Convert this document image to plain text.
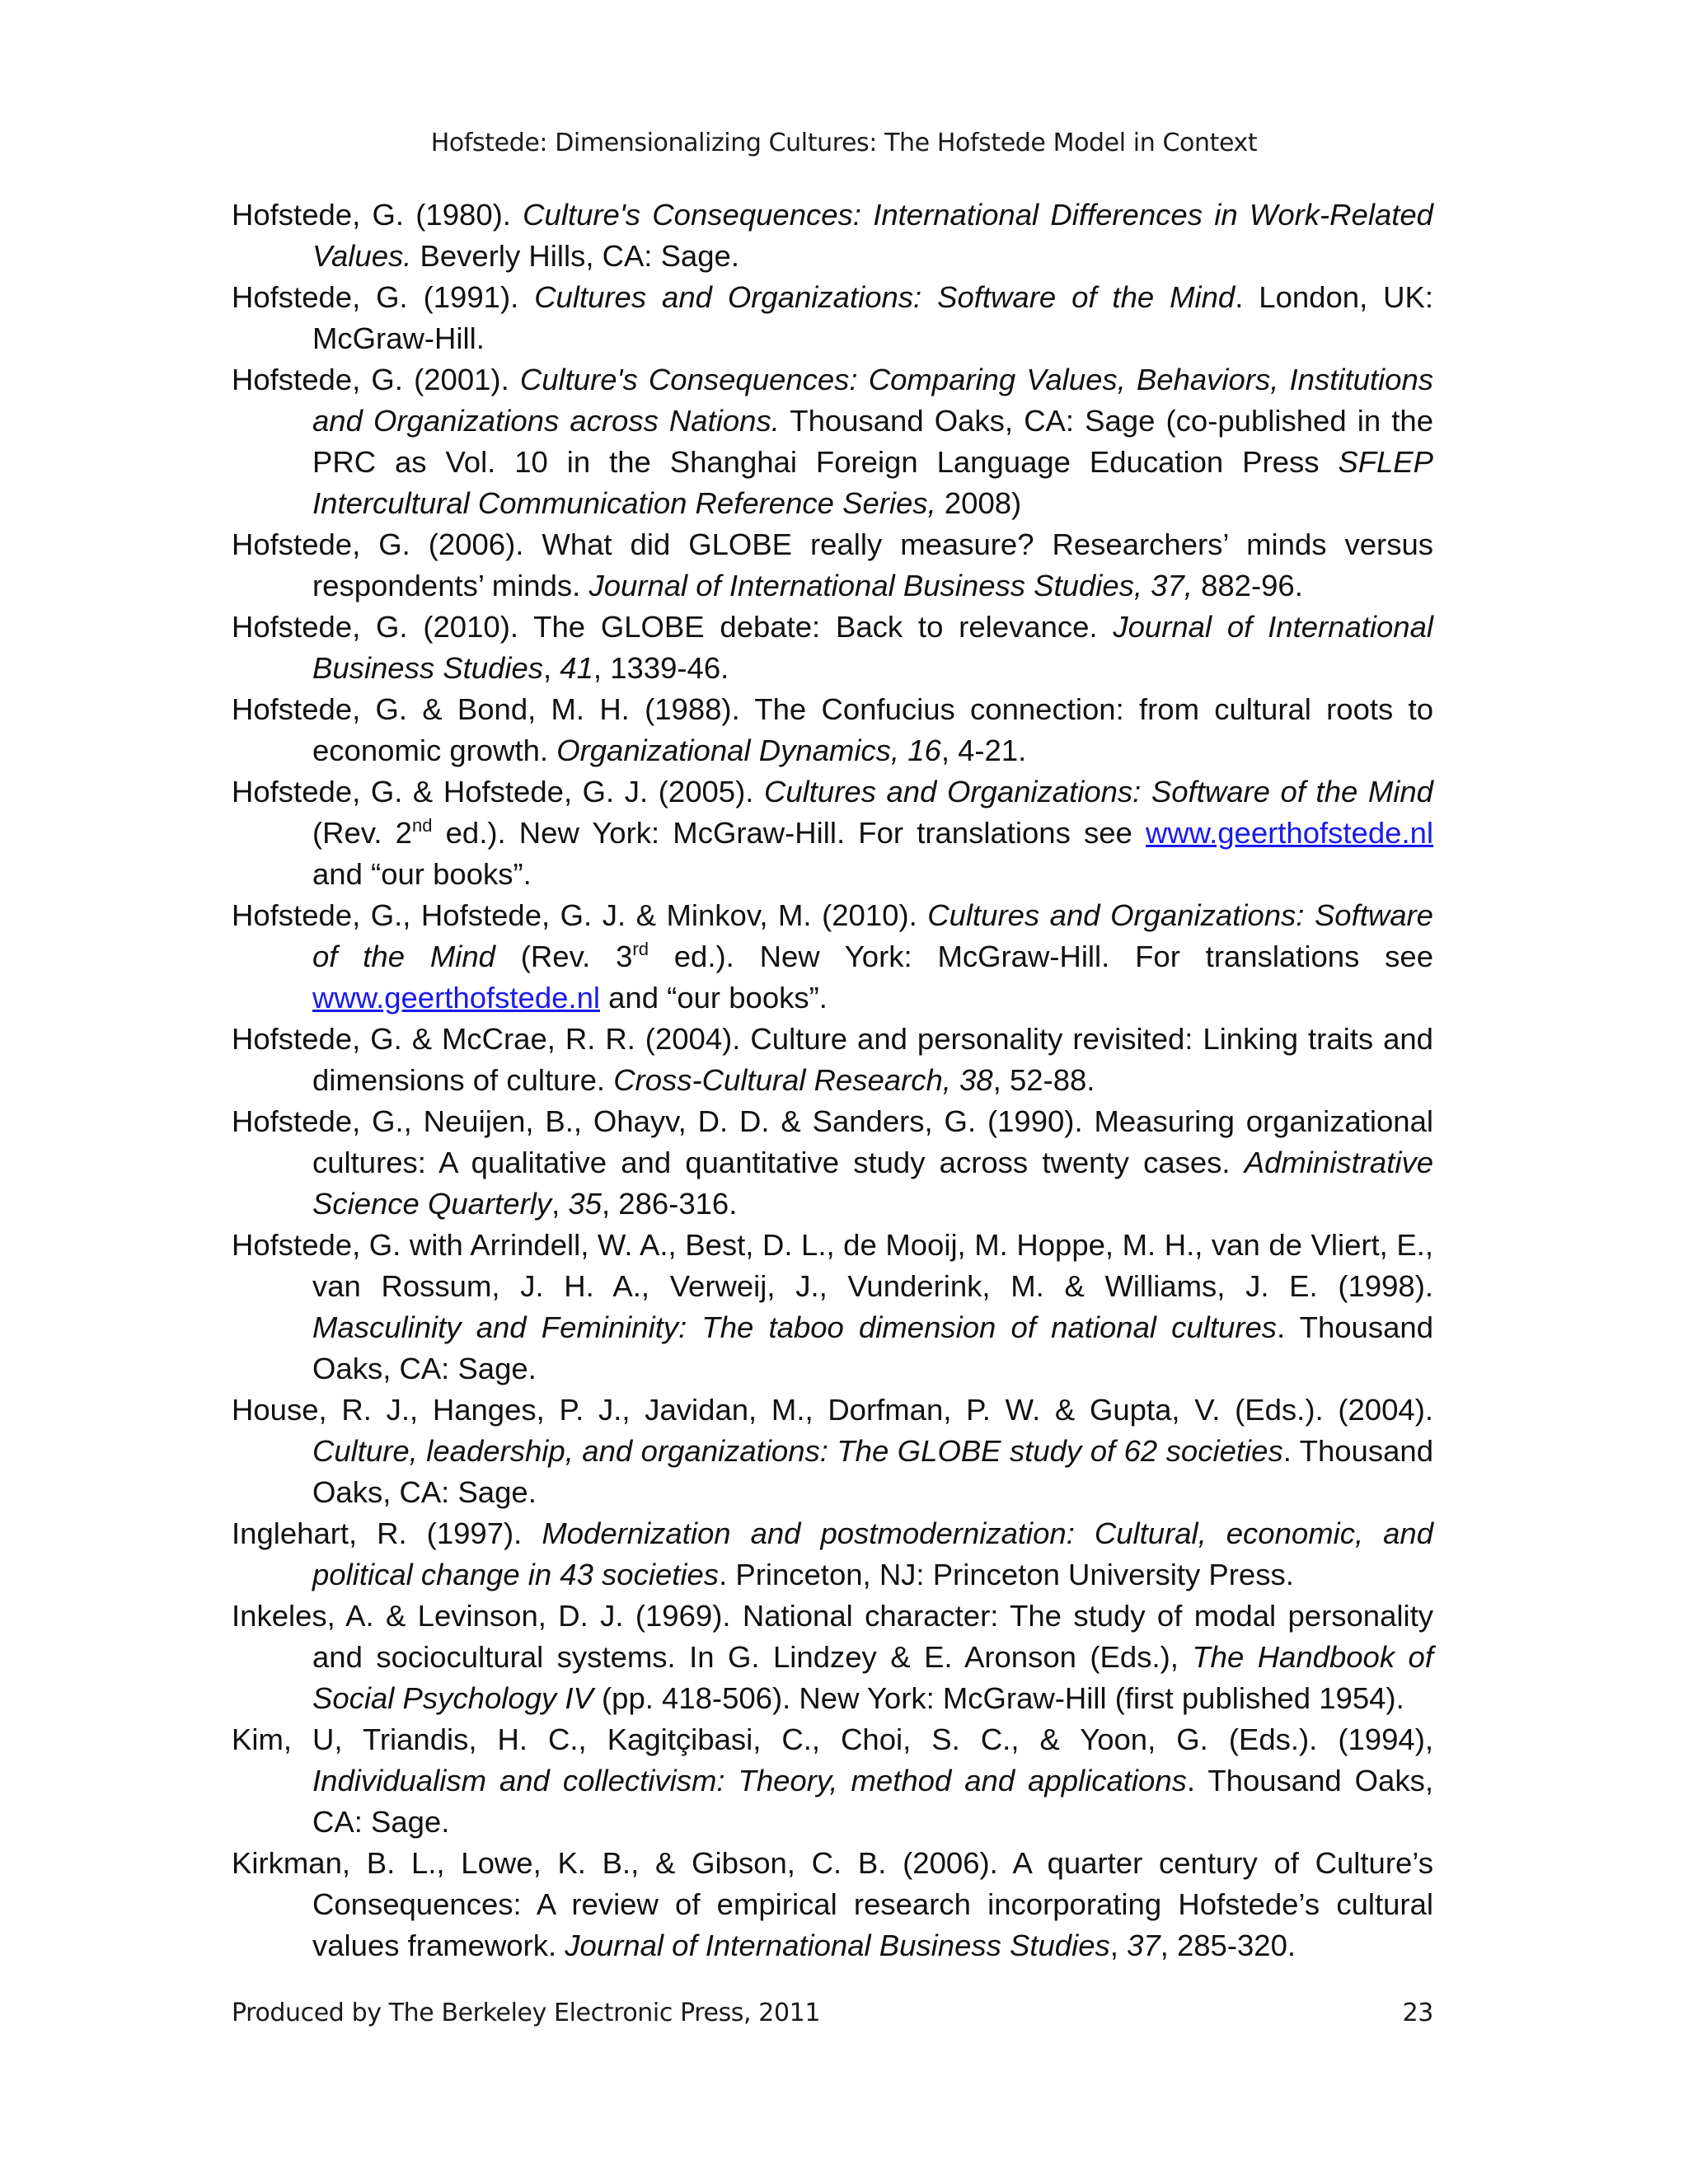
Hofstede: Dimensionalizing Cultures: The Hofstede Model in Context

Hofstede, G. (1980). Culture's Consequences: International Differences in Work-Related Values. Beverly Hills, CA: Sage.

Hofstede, G. (1991). Cultures and Organizations: Software of the Mind. London, UK: McGraw-Hill.

Hofstede, G. (2001). Culture's Consequences: Comparing Values, Behaviors, Institutions and Organizations across Nations. Thousand Oaks, CA: Sage (co-published in the PRC as Vol. 10 in the Shanghai Foreign Language Education Press SFLEP Intercultural Communication Reference Series, 2008)

Hofstede, G. (2006). What did GLOBE really measure? Researchers’ minds versus respondents’ minds. Journal of International Business Studies, 37, 882-96.

Hofstede, G. (2010). The GLOBE debate: Back to relevance. Journal of International Business Studies, 41, 1339-46.

Hofstede, G. & Bond, M. H. (1988). The Confucius connection: from cultural roots to economic growth. Organizational Dynamics, 16, 4-21.

Hofstede, G. & Hofstede, G. J. (2005). Cultures and Organizations: Software of the Mind (Rev. 2nd ed.). New York: McGraw-Hill. For translations see www.geerthofstede.nl and “our books”.

Hofstede, G., Hofstede, G. J. & Minkov, M. (2010). Cultures and Organizations: Software of the Mind (Rev. 3rd ed.). New York: McGraw-Hill. For translations see www.geerthofstede.nl and “our books”.

Hofstede, G. & McCrae, R. R. (2004). Culture and personality revisited: Linking traits and dimensions of culture. Cross-Cultural Research, 38, 52-88.

Hofstede, G., Neuijen, B., Ohayv, D. D. & Sanders, G. (1990). Measuring organizational cultures: A qualitative and quantitative study across twenty cases. Administrative Science Quarterly, 35, 286-316.

Hofstede, G. with Arrindell, W. A., Best, D. L., de Mooij, M. Hoppe, M. H., van de Vliert, E., van Rossum, J. H. A., Verweij, J., Vunderink, M. & Williams, J. E. (1998). Masculinity and Femininity: The taboo dimension of national cultures. Thousand Oaks, CA: Sage.

House, R. J., Hanges, P. J., Javidan, M., Dorfman, P. W. & Gupta, V. (Eds.). (2004). Culture, leadership, and organizations: The GLOBE study of 62 societies. Thousand Oaks, CA: Sage.

Inglehart, R. (1997). Modernization and postmodernization: Cultural, economic, and political change in 43 societies. Princeton, NJ: Princeton University Press.

Inkeles, A. & Levinson, D. J. (1969). National character: The study of modal personality and sociocultural systems. In G. Lindzey & E. Aronson (Eds.), The Handbook of Social Psychology IV (pp. 418-506). New York: McGraw-Hill (first published 1954).

Kim, U, Triandis, H. C., Kagitçibasi, C., Choi, S. C., & Yoon, G. (Eds.). (1994), Individualism and collectivism: Theory, method and applications. Thousand Oaks, CA: Sage.

Kirkman, B. L., Lowe, K. B., & Gibson, C. B. (2006). A quarter century of Culture’s Consequences: A review of empirical research incorporating Hofstede’s cultural values framework. Journal of International Business Studies, 37, 285-320.

Produced by The Berkeley Electronic Press, 2011	23
